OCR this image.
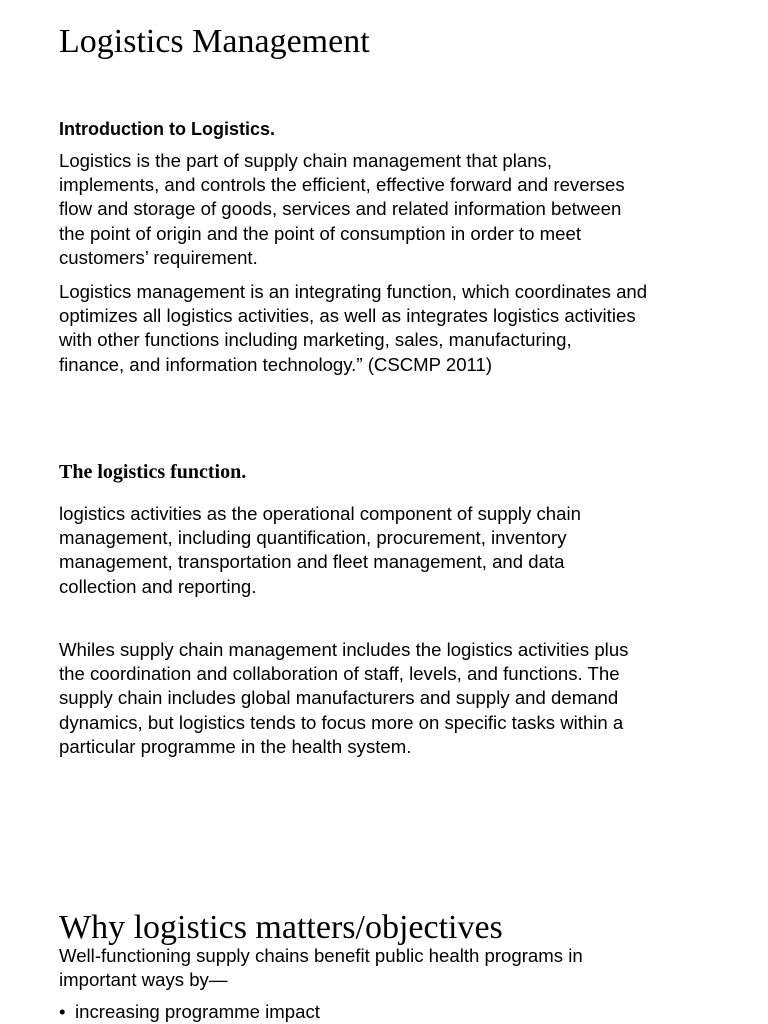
Logistics Management
Introduction to Logistics.

Logistics is the part of supply chain management that plans,
implements, and controls the efficient, effective forward and reverses
flow and storage of goods, services and related information between
the point of origin and the point of consumption in order to meet
customers’ requirement.

Logistics management is an integrating function, which coordinates and
optimizes all logistics activities, as well as integrates logistics activities
with other functions including marketing, sales, manufacturing,
finance, and information technology.” (CSCMP 2011)

The logistics function.

logistics activities as the operational component of supply chain
management, including quantification, procurement, inventory
management, transportation and fleet management, and data
collection and reporting.

Whiles supply chain management includes the logistics activities plus
the coordination and collaboration of staff, levels, and functions. The
supply chain includes global manufacturers and supply and demand
dynamics, but logistics tends to focus more on specific tasks within a
particular programme in the health system.

Why logistics matters/objectives

Well-functioning supply chains benefit public health programs in
important ways by—

• increasing programme impact
